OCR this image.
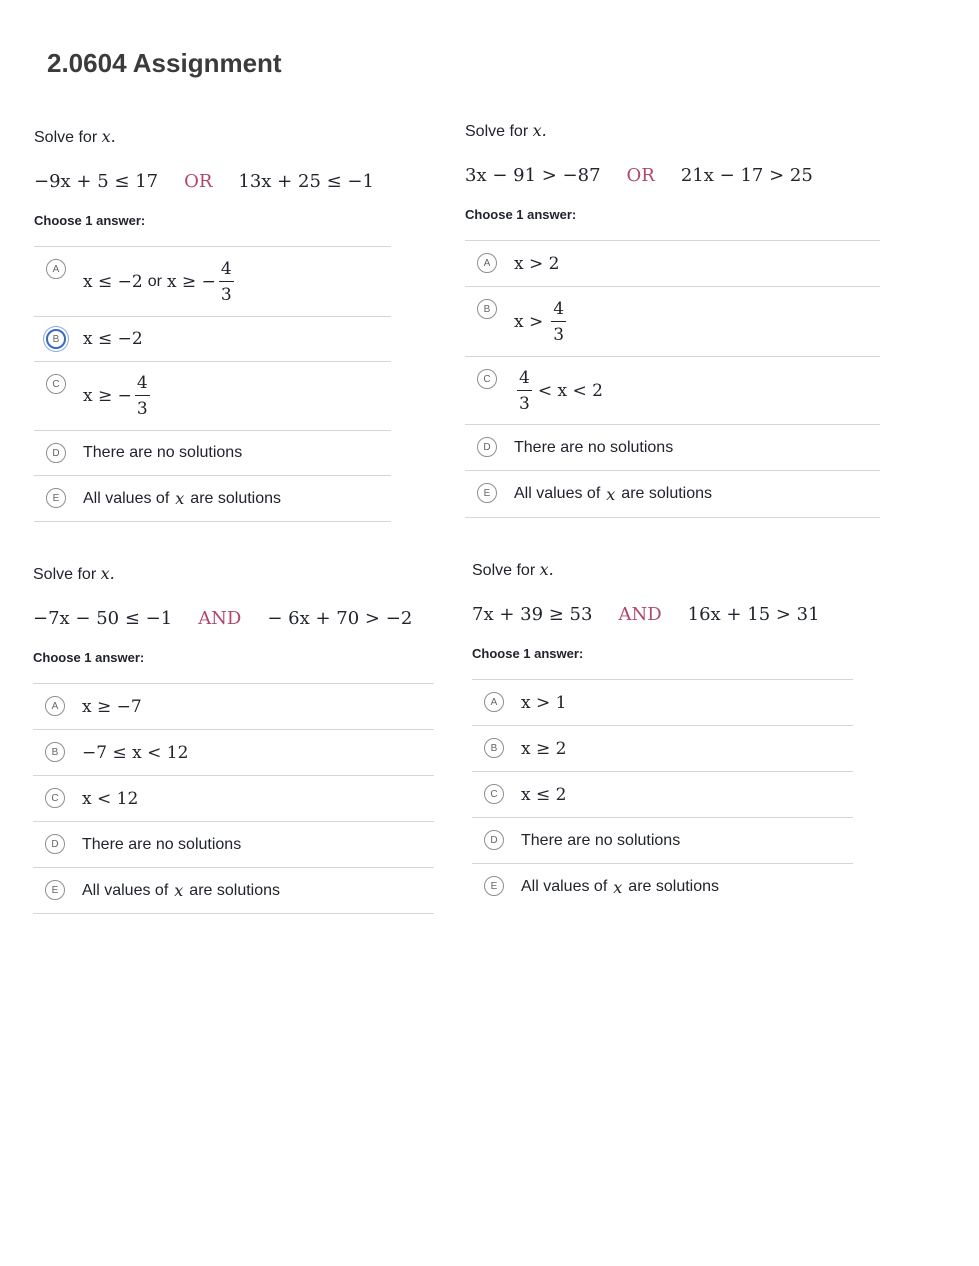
2.0604 Assignment
Solve for x.
−9x + 5 ≤ 17 OR 13x + 25 ≤ −1
Choose 1 answer:
A
x ≤ −2 or x ≥ − $\frac{4}{3}$
B	x ≤ −2
C
x ≥ − $\frac{4}{3}$
D	There are no solutions
E	All values of x are solutions
Solve for x.
3x − 91 > −87 OR 21x − 17 > 25
Choose 1 answer:
A	x > 2
B
$x > \frac{4}{3}$
C	$\frac{4}{3} < x < 2$
D	There are no solutions
E	All values of x are solutions
Solve for x.
−7x − 50 ≤ −1 AND − 6x + 70 > −2
Choose 1 answer:
A	x ≥ −7
B	−7 ≤ x < 12
C	x < 12
D	There are no solutions
E	All values of x are solutions
Solve for x.
7x + 39 ≥ 53 AND 16x + 15 > 31
Choose 1 answer:
A	x > 1
B	x ≥ 2
C	x ≤ 2
D	There are no solutions
E	All values of x are solutions
